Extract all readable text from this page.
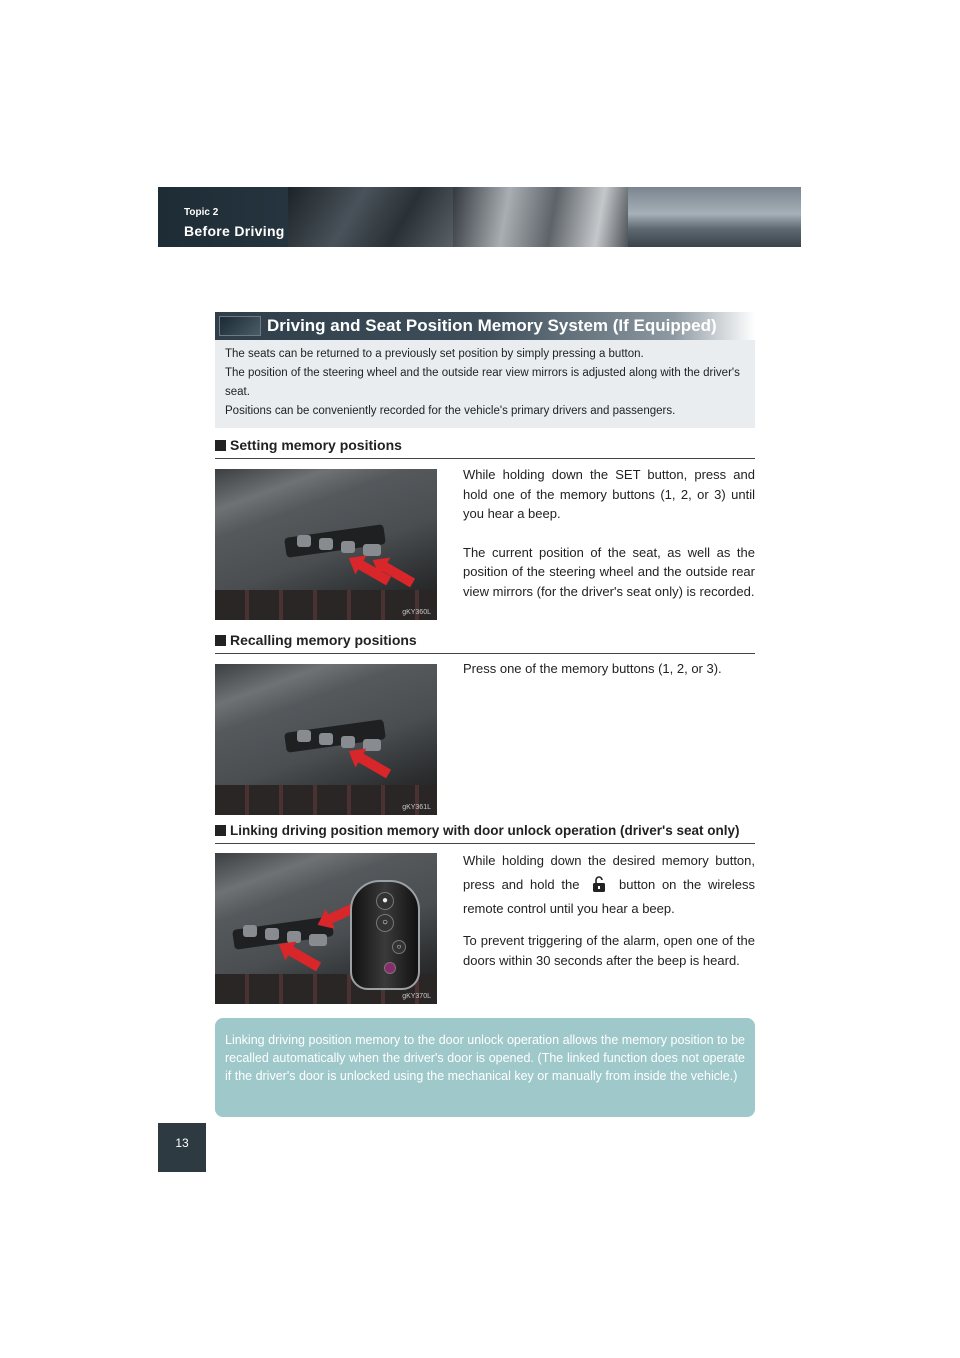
Topic 2
Before Driving
Driving and Seat Position Memory System (If Equipped)

The seats can be returned to a previously set position by simply pressing a button.

The position of the steering wheel and the outside rear view mirrors is adjusted along with the driver's seat.

Positions can be conveniently recorded for the vehicle's primary drivers and passengers.

Setting memory positions
gKY360L

While holding down the SET button, press and hold one of the memory buttons (1, 2, or 3) until you hear a beep.

The current position of the seat, as well as the position of the steering wheel and the outside rear view mirrors (for the driver's seat only) is recorded.

Recalling memory positions
gKY361L

Press one of the memory buttons (1, 2, or 3).

Linking driving position memory with door unlock operation (driver's seat only)
gKY370L
●
○
○

While holding down the desired memory button, press and hold the	button on the wireless remote control until you hear a beep.

To prevent triggering of the alarm, open one of the doors within 30 seconds after the beep is heard.

Linking driving position memory to the door unlock operation allows the memory position to be recalled automatically when the driver's door is opened. (The linked function does not operate if the driver's door is unlocked using the mechanical key or manually from inside the vehicle.)
13
